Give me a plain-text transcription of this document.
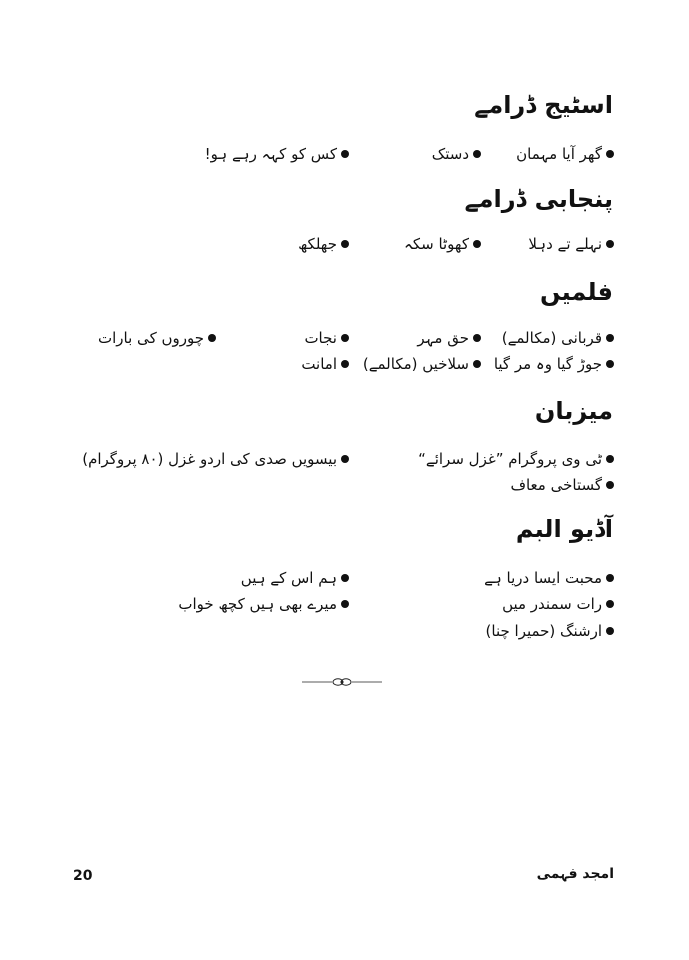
اسٹیج ڈرامے
گھر آیا مہمان
دستک
کس کو کہہ رہے ہو!
پنجابی ڈرامے
نہلے تے دہلا
کھوٹا سکہ
جھلکھ
فلمیں
قربانی (مکالمے)
حق مہر
نجات
چوروں کی بارات
جوڑ گیا وہ مر گیا
سلاخیں (مکالمے)
امانت
میزبان
ٹی وی پروگرام ”غزل سرائے“
بیسویں صدی کی اردو غزل (۸۰ پروگرام)
گستاخی معاف
آڈیو البم
محبت ایسا دریا ہے
ہم اس کے ہیں
رات سمندر میں
میرے بھی ہیں کچھ خواب
ارشنگ (حمیرا چنا)
20	امجد فہمی
